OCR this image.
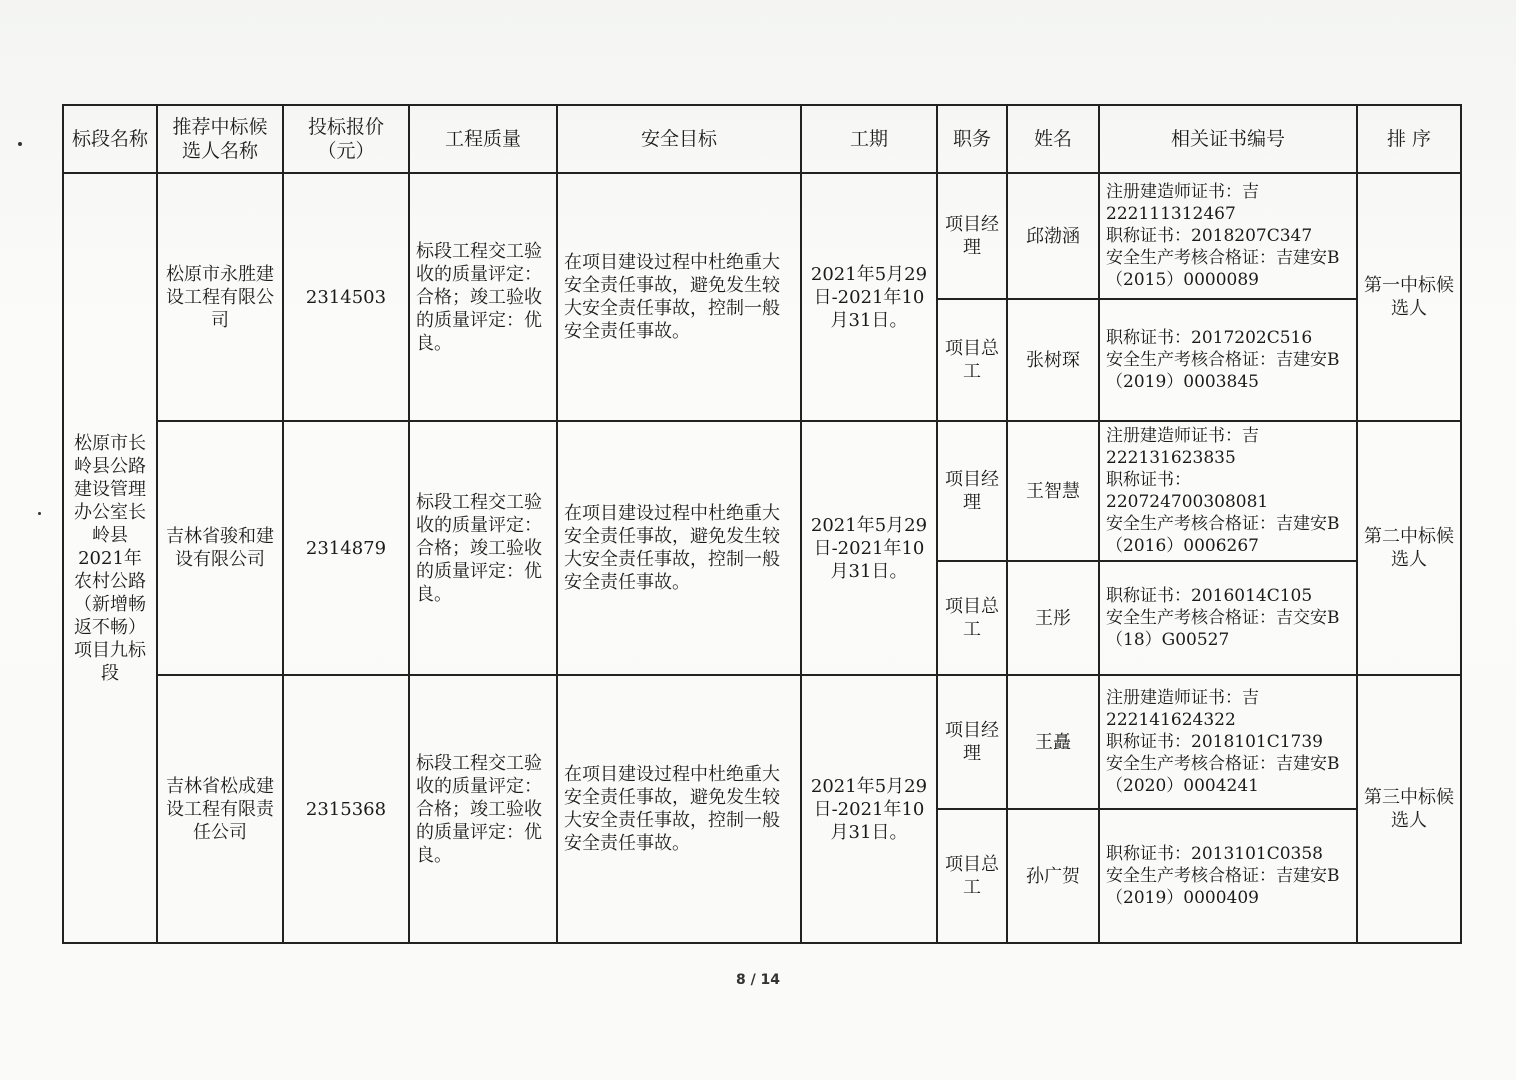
标段名称	推荐中标候选人名称	投标报价（元）	工程质量	安全目标	工期	职务	姓名	相关证书编号	排 序
松原市长岭县公路建设管理办公室长岭县2021年农村公路（新增畅返不畅）项目九标段	松原市永胜建设工程有限公司	2314503	标段工程交工验收的质量评定：合格；竣工验收的质量评定：优良。	在项目建设过程中杜绝重大安全责任事故，避免发生较大安全责任事故，控制一般安全责任事故。	2021年5月29日-2021年10月31日。	项目经理	邱渤涵	注册建造师证书：吉222111312467
职称证书：2018207C347
安全生产考核合格证：吉建安B（2015）0000089	第一中标候选人
						项目总工	张树琛	职称证书：2017202C516
安全生产考核合格证：吉建安B（2019）0003845	

	吉林省骏和建设有限公司	2314879	标段工程交工验收的质量评定：合格；竣工验收的质量评定：优良。	在项目建设过程中杜绝重大安全责任事故，避免发生较大安全责任事故，控制一般安全责任事故。	2021年5月29日-2021年10月31日。	项目经理	王智慧	注册建造师证书：吉222131623835
职称证书：220724700308081
安全生产考核合格证：吉建安B（2016）0006267	第二中标候选人
						项目总工	王彤	职称证书：2016014C105
安全生产考核合格证：吉交安B（18）G00527	

	吉林省松成建设工程有限责任公司	2315368	标段工程交工验收的质量评定：合格；竣工验收的质量评定：优良。	在项目建设过程中杜绝重大安全责任事故，避免发生较大安全责任事故，控制一般安全责任事故。	2021年5月29日-2021年10月31日。	项目经理	王矗	注册建造师证书：吉222141624322
职称证书：2018101C1739
安全生产考核合格证：吉建安B（2020）0004241	第三中标候选人
						项目总工	孙广贺	职称证书：2013101C0358
安全生产考核合格证：吉建安B（2019）0000409	
8 / 14
